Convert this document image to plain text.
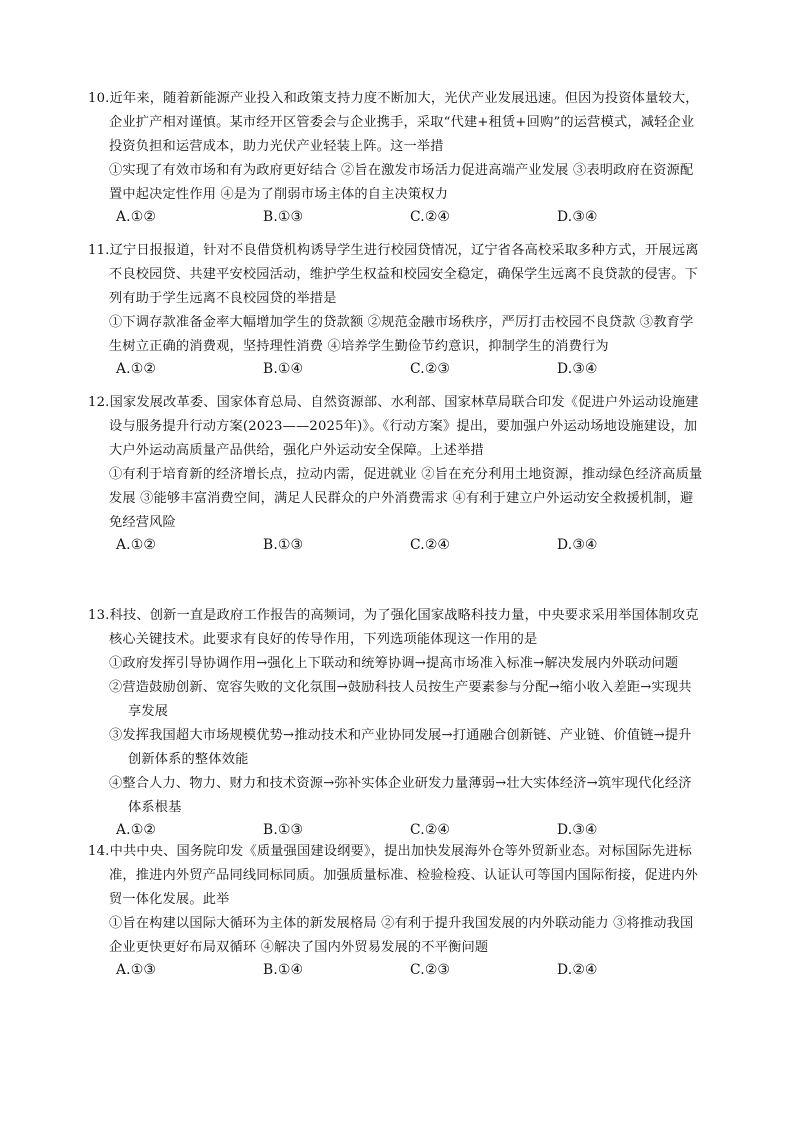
10.近年来，随着新能源产业投入和政策支持力度不断加大，光伏产业发展迅速。但因为投资体量较大，
企业扩产相对谨慎。某市经开区管委会与企业携手，采取“代建+租赁+回购”的运营模式，减轻企业
投资负担和运营成本，助力光伏产业轻装上阵。这一举措
①实现了有效市场和有为政府更好结合 ②旨在激发市场活力促进高端产业发展 ③表明政府在资源配
置中起决定性作用 ④是为了削弱市场主体的自主决策权力
A.①②	B.①③	C.②④	D.③④
11.辽宁日报报道，针对不良借贷机构诱导学生进行校园贷情况，辽宁省各高校采取多种方式，开展远离
不良校园贷、共建平安校园活动，维护学生权益和校园安全稳定，确保学生远离不良贷款的侵害。下
列有助于学生远离不良校园贷的举措是
①下调存款准备金率大幅增加学生的贷款额 ②规范金融市场秩序，严厉打击校园不良贷款 ③教育学
生树立正确的消费观，坚持理性消费 ④培养学生勤俭节约意识，抑制学生的消费行为
A.①②	B.①④	C.②③	D.③④
12.国家发展改革委、国家体育总局、自然资源部、水利部、国家林草局联合印发《促进户外运动设施建
设与服务提升行动方案(2023——2025年)》。《行动方案》提出，要加强户外运动场地设施建设，加
大户外运动高质量产品供给，强化户外运动安全保障。上述举措
①有利于培育新的经济增长点，拉动内需，促进就业 ②旨在充分利用土地资源，推动绿色经济高质量
发展 ③能够丰富消费空间，满足人民群众的户外消费需求 ④有利于建立户外运动安全救援机制，避
免经营风险
A.①②	B.①③	C.②④	D.③④
13.科技、创新一直是政府工作报告的高频词，为了强化国家战略科技力量，中央要求采用举国体制攻克
核心关键技术。此要求有良好的传导作用，下列选项能体现这一作用的是
①政府发挥引导协调作用→强化上下联动和统筹协调→提高市场准入标准→解决发展内外联动问题
②营造鼓励创新、宽容失败的文化氛围→鼓励科技人员按生产要素参与分配→缩小收入差距→实现共
享发展
③发挥我国超大市场规模优势→推动技术和产业协同发展→打通融合创新链、产业链、价值链→提升
创新体系的整体效能
④整合人力、物力、财力和技术资源→弥补实体企业研发力量薄弱→壮大实体经济→筑牢现代化经济
体系根基
A.①②	B.①③	C.②④	D.③④
14.中共中央、国务院印发《质量强国建设纲要》，提出加快发展海外仓等外贸新业态。对标国际先进标
准，推进内外贸产品同线同标同质。加强质量标准、检验检疫、认证认可等国内国际衔接，促进内外
贸一体化发展。此举
①旨在构建以国际大循环为主体的新发展格局 ②有利于提升我国发展的内外联动能力 ③将推动我国
企业更快更好布局双循环 ④解决了国内外贸易发展的不平衡问题
A.①③	B.①④	C.②③	D.②④
